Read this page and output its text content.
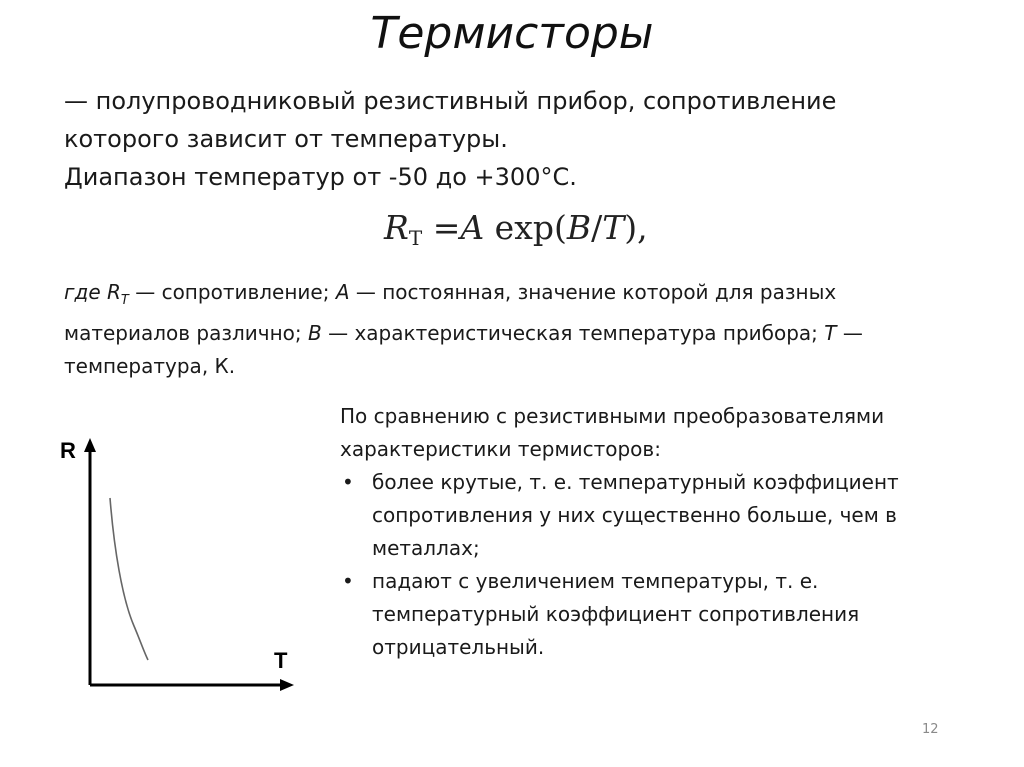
Термисторы

— полупроводниковый резистивный прибор, сопротивление

которого зависит от температуры.

Диапазон температур от -50 до +300°С.

$R_T =A$ exp(B/T),
где $R_T$ — сопротивление; A — постоянная, значение которой для разных материалов различно; B — характеристическая температура прибора; T — температура, К.
R
T

По сравнению с резистивными преобразователями характеристики термисторов:

• более крутые, т. е. температурный коэффициент сопротивления у них существенно больше, чем в металлах;
• падают с увеличением температуры, т. е. температурный коэффициент сопротивления отрицательный.
12
